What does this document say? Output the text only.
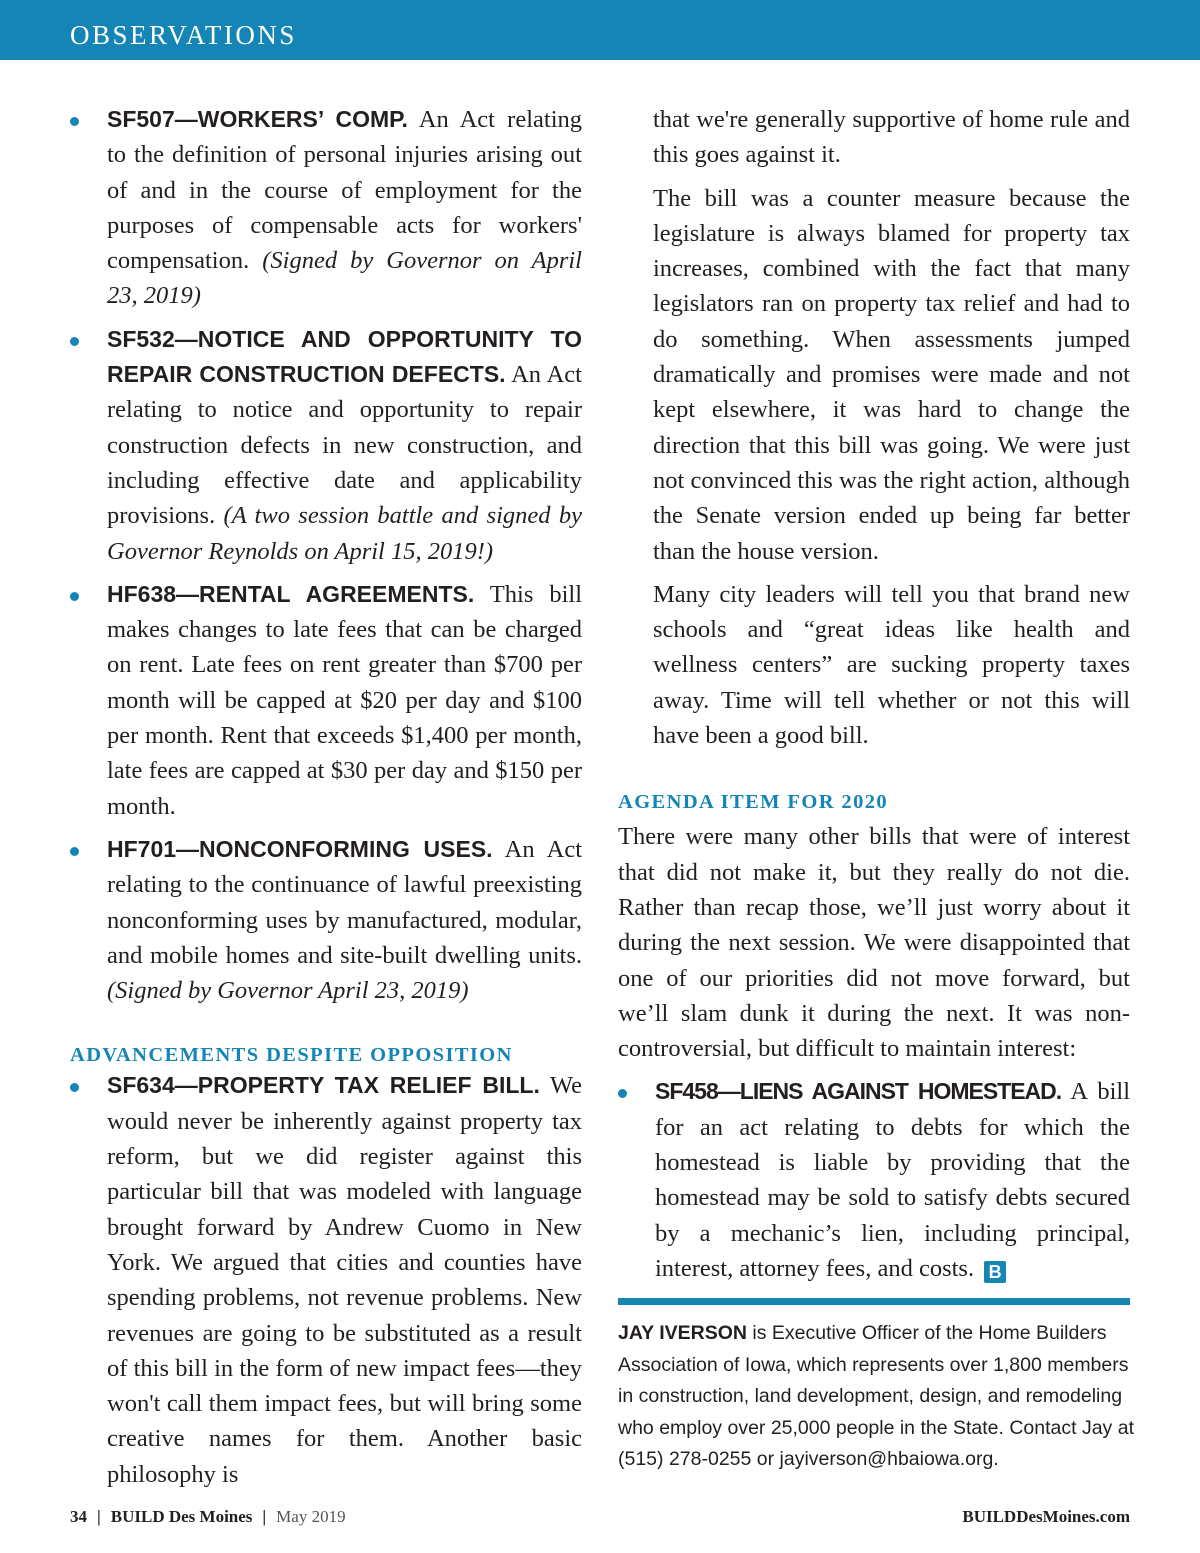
OBSERVATIONS
SF507—WORKERS’ COMP. An Act relating to the definition of personal injuries arising out of and in the course of employment for the purposes of compensable acts for workers' compensation. (Signed by Governor on April 23, 2019)
SF532—NOTICE AND OPPORTUNITY TO REPAIR CONSTRUCTION DEFECTS. An Act relating to notice and opportunity to repair construction defects in new construction, and including effective date and applicability provisions. (A two session battle and signed by Governor Reynolds on April 15, 2019!)
HF638—RENTAL AGREEMENTS. This bill makes changes to late fees that can be charged on rent. Late fees on rent greater than $700 per month will be capped at $20 per day and $100 per month. Rent that exceeds $1,400 per month, late fees are capped at $30 per day and $150 per month.
HF701—NONCONFORMING USES. An Act relating to the continuance of lawful preexisting nonconforming uses by manufactured, modular, and mobile homes and site-built dwelling units. (Signed by Governor April 23, 2019)
ADVANCEMENTS DESPITE OPPOSITION
SF634—PROPERTY TAX RELIEF BILL. We would never be inherently against property tax reform, but we did register against this particular bill that was modeled with language brought forward by Andrew Cuomo in New York. We argued that cities and counties have spending problems, not revenue problems. New revenues are going to be substituted as a result of this bill in the form of new impact fees—they won't call them impact fees, but will bring some creative names for them. Another basic philosophy is
that we're generally supportive of home rule and this goes against it.
The bill was a counter measure because the legislature is always blamed for property tax increases, combined with the fact that many legislators ran on property tax relief and had to do something. When assessments jumped dramatically and promises were made and not kept elsewhere, it was hard to change the direction that this bill was going. We were just not convinced this was the right action, although the Senate version ended up being far better than the house version.
Many city leaders will tell you that brand new schools and “great ideas like health and wellness centers” are sucking property taxes away. Time will tell whether or not this will have been a good bill.
AGENDA ITEM FOR 2020
There were many other bills that were of interest that did not make it, but they really do not die. Rather than recap those, we’ll just worry about it during the next session. We were disappointed that one of our priorities did not move forward, but we’ll slam dunk it during the next. It was non-controversial, but difficult to maintain interest:
SF458—LIENS AGAINST HOMESTEAD. A bill for an act relating to debts for which the homestead is liable by providing that the homestead may be sold to satisfy debts secured by a mechanic’s lien, including principal, interest, attorney fees, and costs. B
JAY IVERSON is Executive Officer of the Home Builders Association of Iowa, which represents over 1,800 members in construction, land development, design, and remodeling who employ over 25,000 people in the State. Contact Jay at (515) 278-0255 or jayiverson@hbaiowa.org.
34 | BUILD Des Moines | May 2019	BUILDDesMoines.com
